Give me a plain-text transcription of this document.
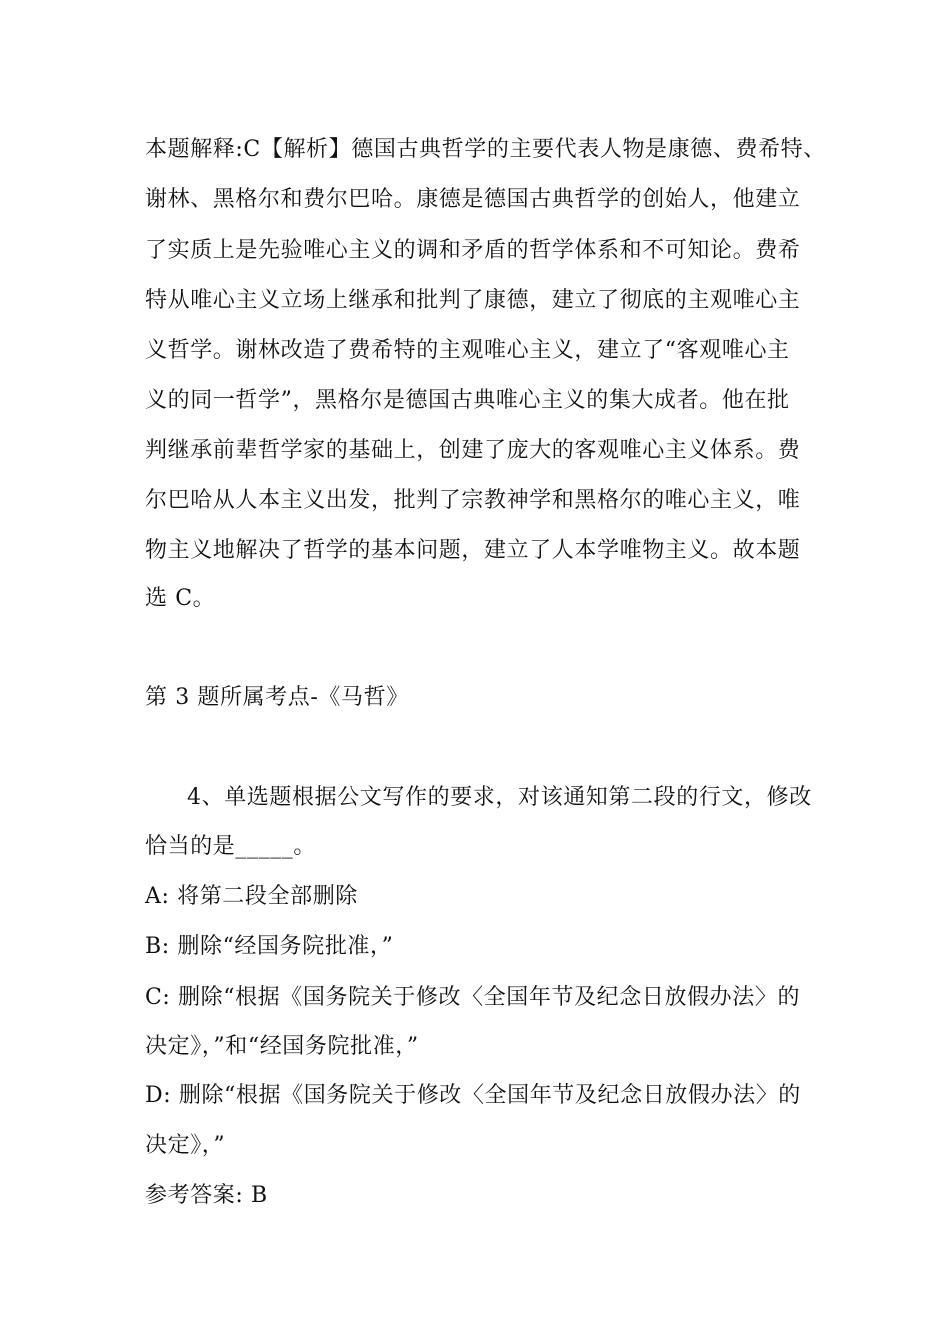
本题解释:C【解析】德国古典哲学的主要代表人物是康德、费希特、
谢林、黑格尔和费尔巴哈。康德是德国古典哲学的创始人，他建立
了实质上是先验唯心主义的调和矛盾的哲学体系和不可知论。费希
特从唯心主义立场上继承和批判了康德，建立了彻底的主观唯心主
义哲学。谢林改造了费希特的主观唯心主义，建立了“客观唯心主
义的同一哲学”，黑格尔是德国古典唯心主义的集大成者。他在批
判继承前辈哲学家的基础上，创建了庞大的客观唯心主义体系。费
尔巴哈从人本主义出发，批判了宗教神学和黑格尔的唯心主义，唯
物主义地解决了哲学的基本问题，建立了人本学唯物主义。故本题
选 C。
第 3 题所属考点-《马哲》
4、单选题根据公文写作的要求，对该通知第二段的行文，修改
恰当的是_____。
A: 将第二段全部删除
B: 删除“经国务院批准，”
C: 删除“根据《国务院关于修改〈全国年节及纪念日放假办法〉的
决定》，”和“经国务院批准，”
D: 删除“根据《国务院关于修改〈全国年节及纪念日放假办法〉的
决定》，”
参考答案: B
